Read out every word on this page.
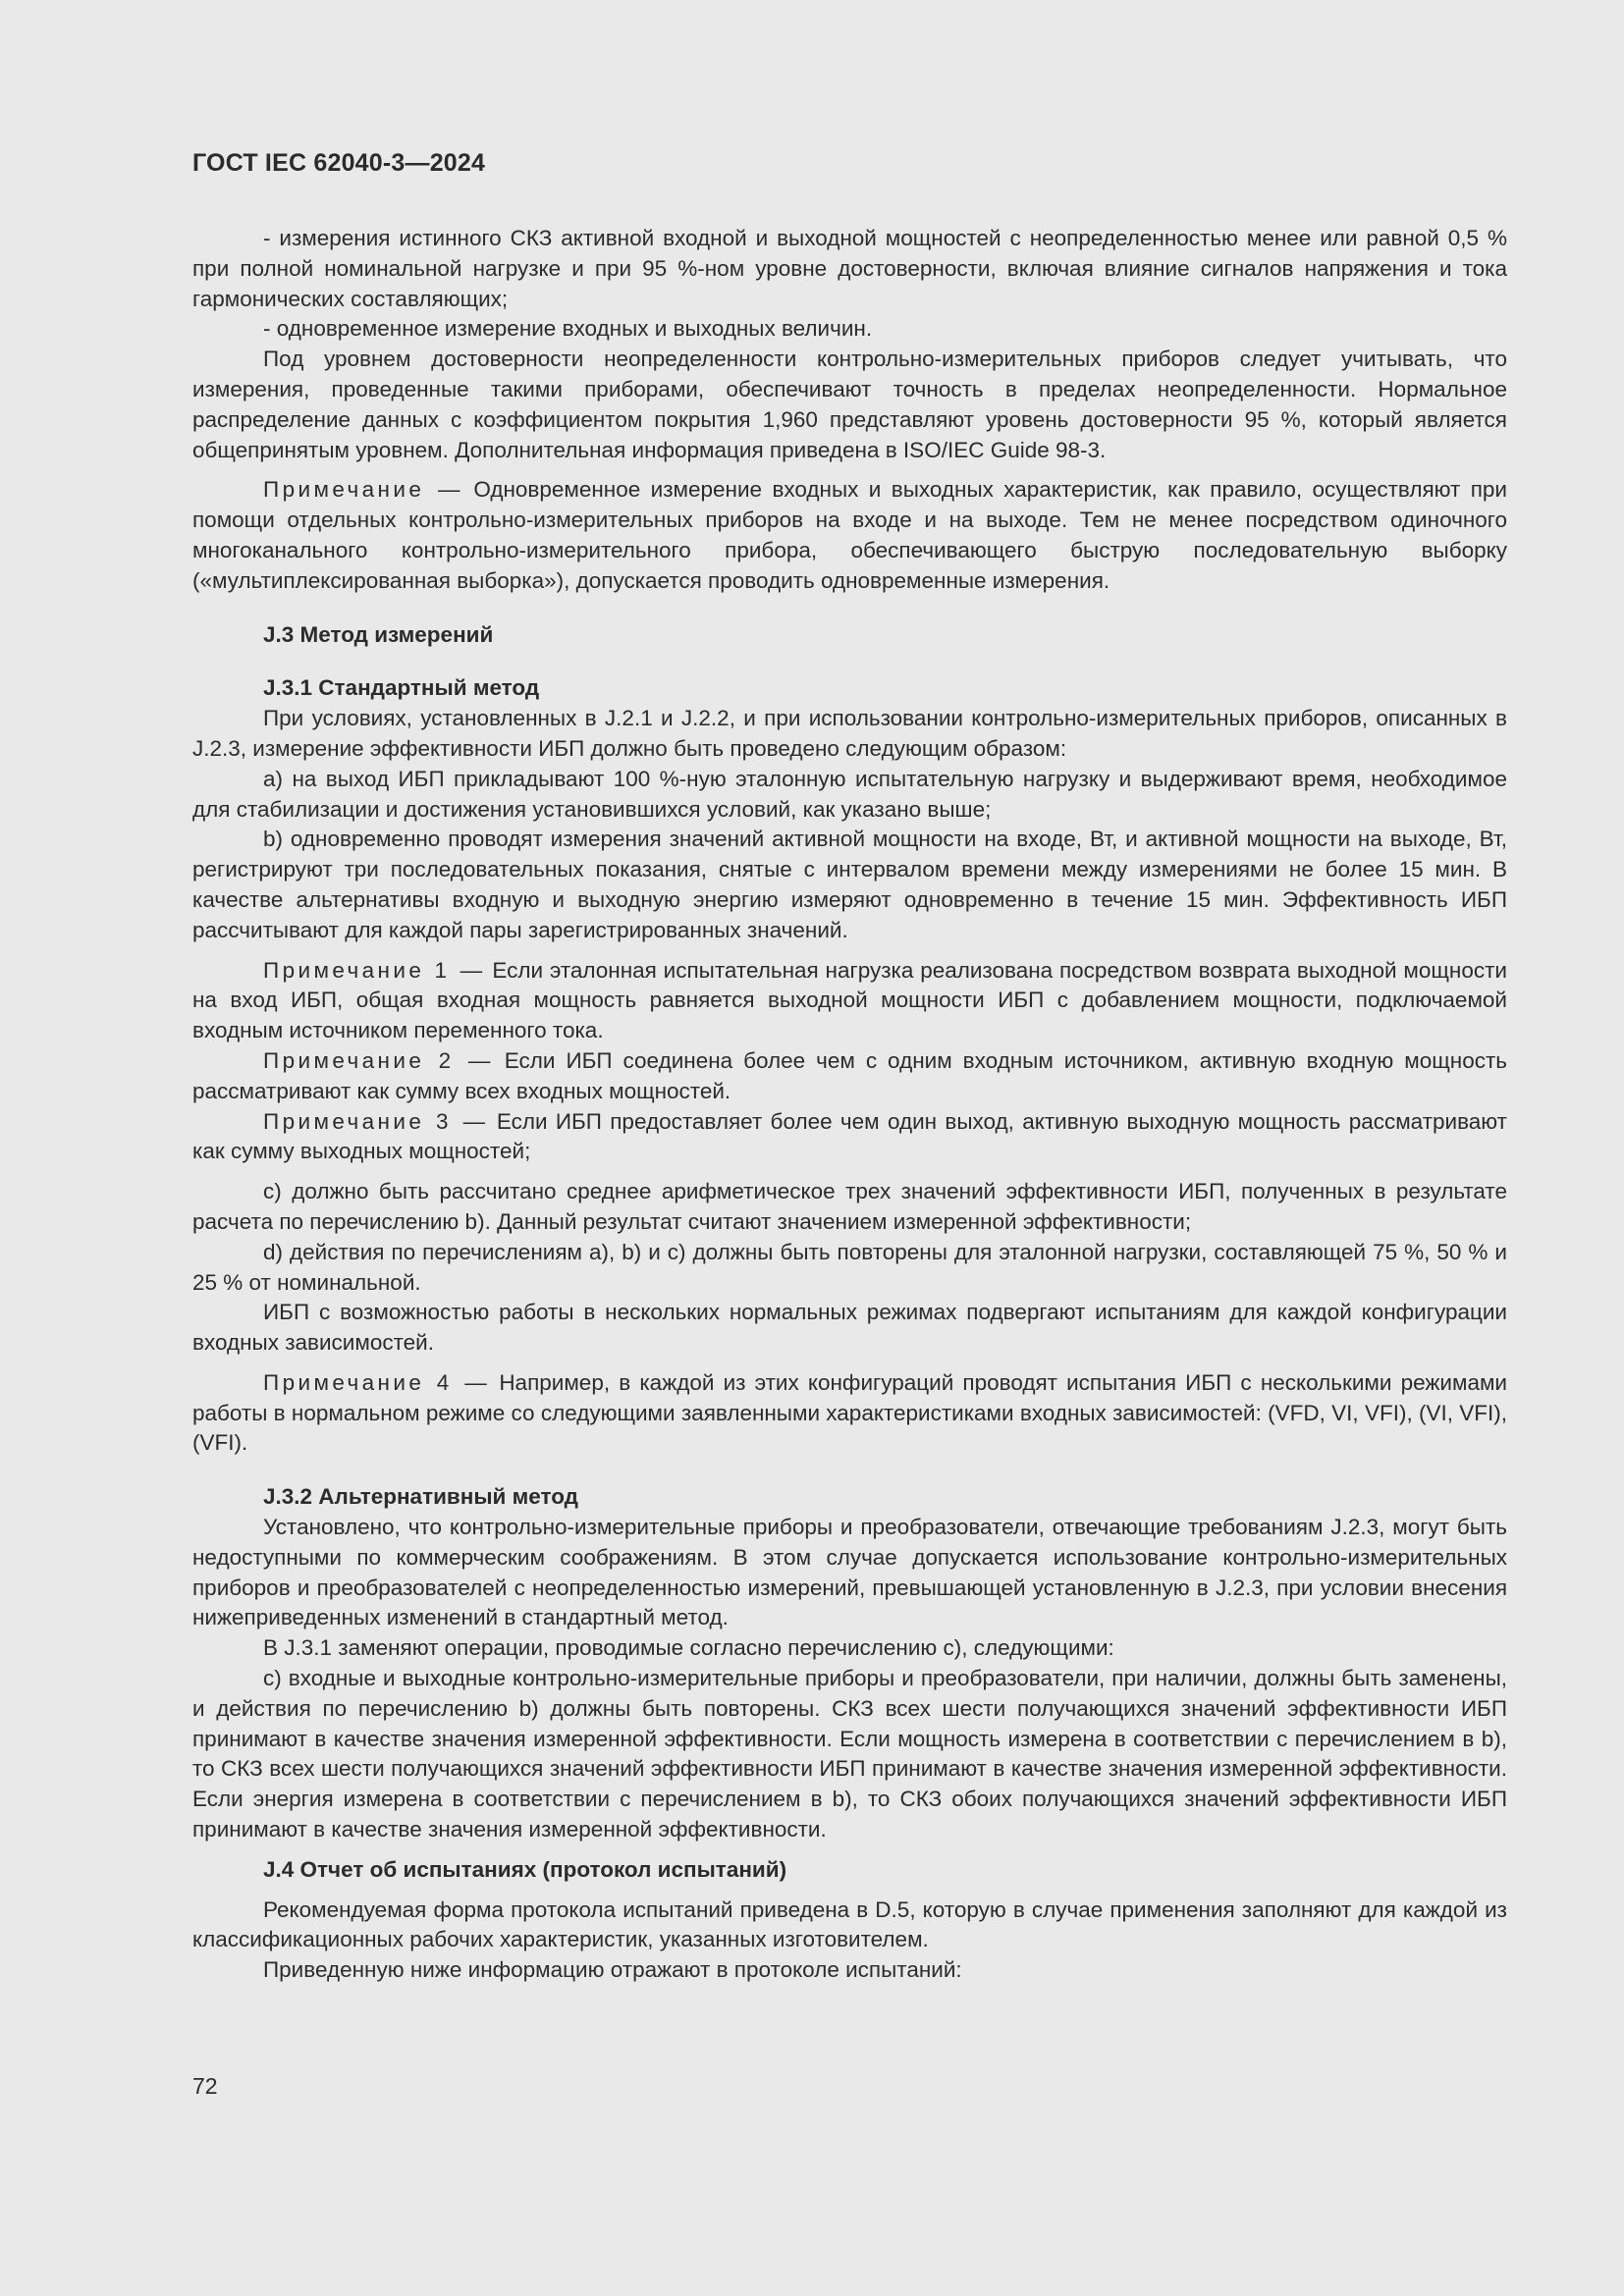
ГОСТ IEC 62040-3—2024

- измерения истинного СКЗ активной входной и выходной мощностей с неопределенностью менее или равной 0,5 % при полной номинальной нагрузке и при 95 %-ном уровне достоверности, включая влияние сигналов напряжения и тока гармонических составляющих;

- одновременное измерение входных и выходных величин.

Под уровнем достоверности неопределенности контрольно-измерительных приборов следует учитывать, что измерения, проведенные такими приборами, обеспечивают точность в пределах неопределенности. Нормальное распределение данных с коэффициентом покрытия 1,960 представляют уровень достоверности 95 %, который является общепринятым уровнем. Дополнительная информация приведена в ISO/IEC Guide 98-3.

Примечание — Одновременное измерение входных и выходных характеристик, как правило, осуществляют при помощи отдельных контрольно-измерительных приборов на входе и на выходе. Тем не менее посредством одиночного многоканального контрольно-измерительного прибора, обеспечивающего быструю последовательную выборку («мультиплексированная выборка»), допускается проводить одновременные измерения.

J.3 Метод измерений

J.3.1 Стандартный метод

При условиях, установленных в J.2.1 и J.2.2, и при использовании контрольно-измерительных приборов, описанных в J.2.3, измерение эффективности ИБП должно быть проведено следующим образом:

a) на выход ИБП прикладывают 100 %-ную эталонную испытательную нагрузку и выдерживают время, необходимое для стабилизации и достижения установившихся условий, как указано выше;

b) одновременно проводят измерения значений активной мощности на входе, Вт, и активной мощности на выходе, Вт, регистрируют три последовательных показания, снятые с интервалом времени между измерениями не более 15 мин. В качестве альтернативы входную и выходную энергию измеряют одновременно в течение 15 мин. Эффективность ИБП рассчитывают для каждой пары зарегистрированных значений.

Примечание 1 — Если эталонная испытательная нагрузка реализована посредством возврата выходной мощности на вход ИБП, общая входная мощность равняется выходной мощности ИБП с добавлением мощности, подключаемой входным источником переменного тока.

Примечание 2 — Если ИБП соединена более чем с одним входным источником, активную входную мощность рассматривают как сумму всех входных мощностей.

Примечание 3 — Если ИБП предоставляет более чем один выход, активную выходную мощность рассматривают как сумму выходных мощностей;

c) должно быть рассчитано среднее арифметическое трех значений эффективности ИБП, полученных в результате расчета по перечислению b). Данный результат считают значением измеренной эффективности;

d) действия по перечислениям a), b) и c) должны быть повторены для эталонной нагрузки, составляющей 75 %, 50 % и 25 % от номинальной.

ИБП с возможностью работы в нескольких нормальных режимах подвергают испытаниям для каждой конфигурации входных зависимостей.

Примечание 4 — Например, в каждой из этих конфигураций проводят испытания ИБП с несколькими режимами работы в нормальном режиме со следующими заявленными характеристиками входных зависимостей: (VFD, VI, VFI), (VI, VFI), (VFI).

J.3.2 Альтернативный метод

Установлено, что контрольно-измерительные приборы и преобразователи, отвечающие требованиям J.2.3, могут быть недоступными по коммерческим соображениям. В этом случае допускается использование контрольно-измерительных приборов и преобразователей с неопределенностью измерений, превышающей установленную в J.2.3, при условии внесения нижеприведенных изменений в стандартный метод.

В J.3.1 заменяют операции, проводимые согласно перечислению c), следующими:

c) входные и выходные контрольно-измерительные приборы и преобразователи, при наличии, должны быть заменены, и действия по перечислению b) должны быть повторены. СКЗ всех шести получающихся значений эффективности ИБП принимают в качестве значения измеренной эффективности. Если мощность измерена в соответствии с перечислением в b), то СКЗ всех шести получающихся значений эффективности ИБП принимают в качестве значения измеренной эффективности. Если энергия измерена в соответствии с перечислением в b), то СКЗ обоих получающихся значений эффективности ИБП принимают в качестве значения измеренной эффективности.

J.4 Отчет об испытаниях (протокол испытаний)

Рекомендуемая форма протокола испытаний приведена в D.5, которую в случае применения заполняют для каждой из классификационных рабочих характеристик, указанных изготовителем.

Приведенную ниже информацию отражают в протоколе испытаний:

72
